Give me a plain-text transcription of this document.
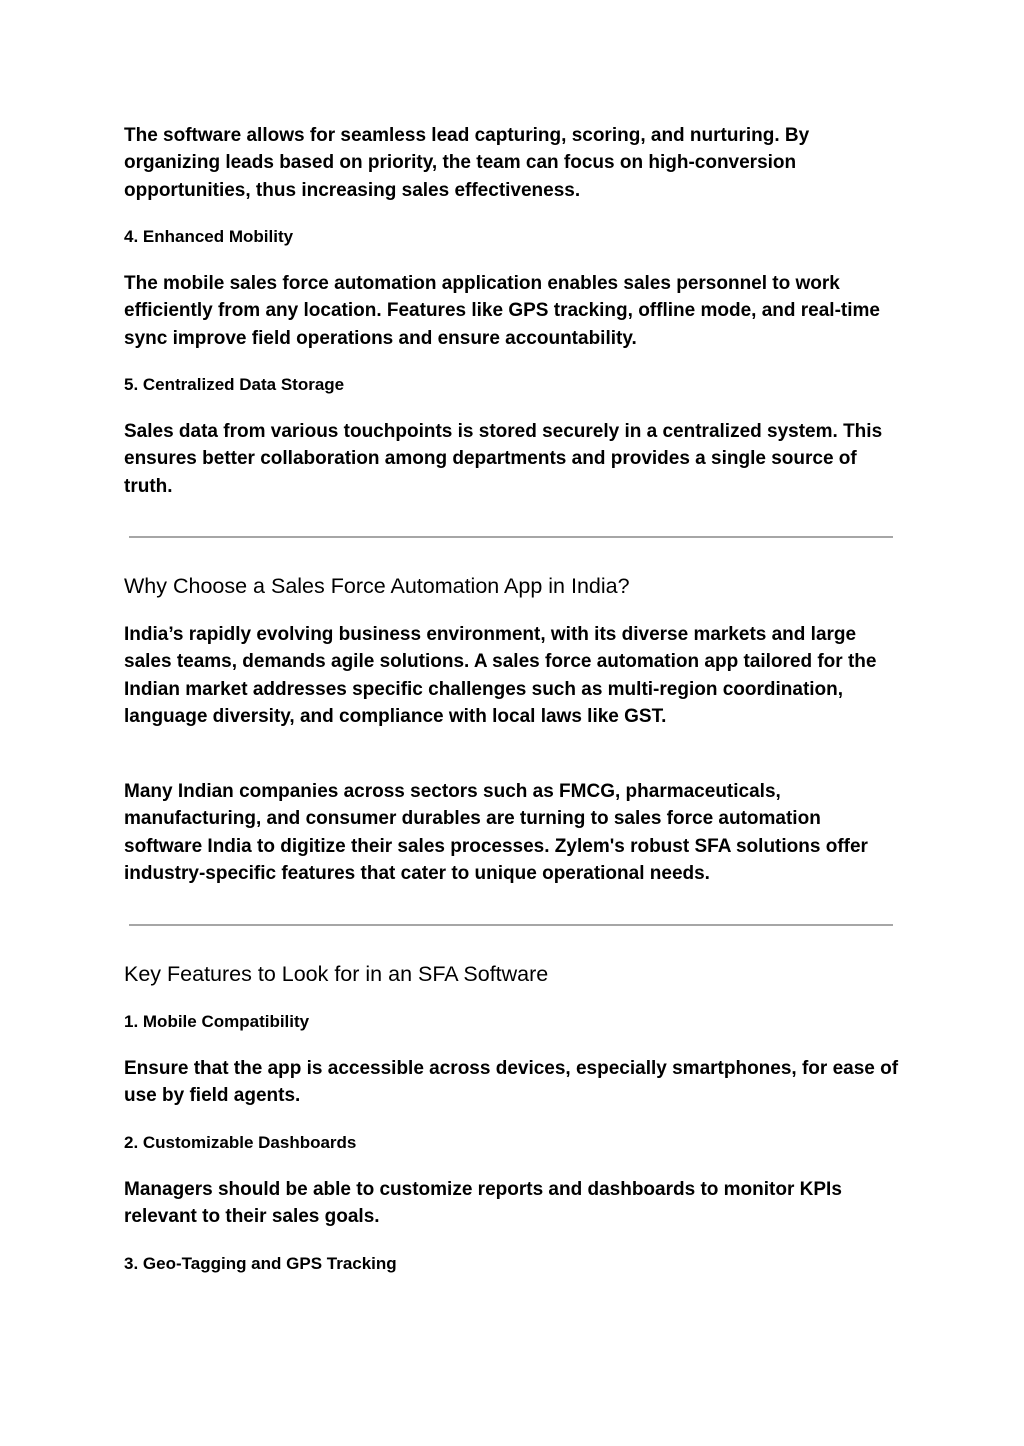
The software allows for seamless lead capturing, scoring, and nurturing. By organizing leads based on priority, the team can focus on high-conversion opportunities, thus increasing sales effectiveness.

4. Enhanced Mobility

The mobile sales force automation application enables sales personnel to work efficiently from any location. Features like GPS tracking, offline mode, and real-time sync improve field operations and ensure accountability.

5. Centralized Data Storage

Sales data from various touchpoints is stored securely in a centralized system. This ensures better collaboration among departments and provides a single source of truth.

Why Choose a Sales Force Automation App in India?

India’s rapidly evolving business environment, with its diverse markets and large sales teams, demands agile solutions. A sales force automation app tailored for the Indian market addresses specific challenges such as multi-region coordination, language diversity, and compliance with local laws like GST.

Many Indian companies across sectors such as FMCG, pharmaceuticals, manufacturing, and consumer durables are turning to sales force automation software India to digitize their sales processes. Zylem's robust SFA solutions offer industry-specific features that cater to unique operational needs.

Key Features to Look for in an SFA Software

1. Mobile Compatibility

Ensure that the app is accessible across devices, especially smartphones, for ease of use by field agents.

2. Customizable Dashboards

Managers should be able to customize reports and dashboards to monitor KPIs relevant to their sales goals.

3. Geo-Tagging and GPS Tracking
